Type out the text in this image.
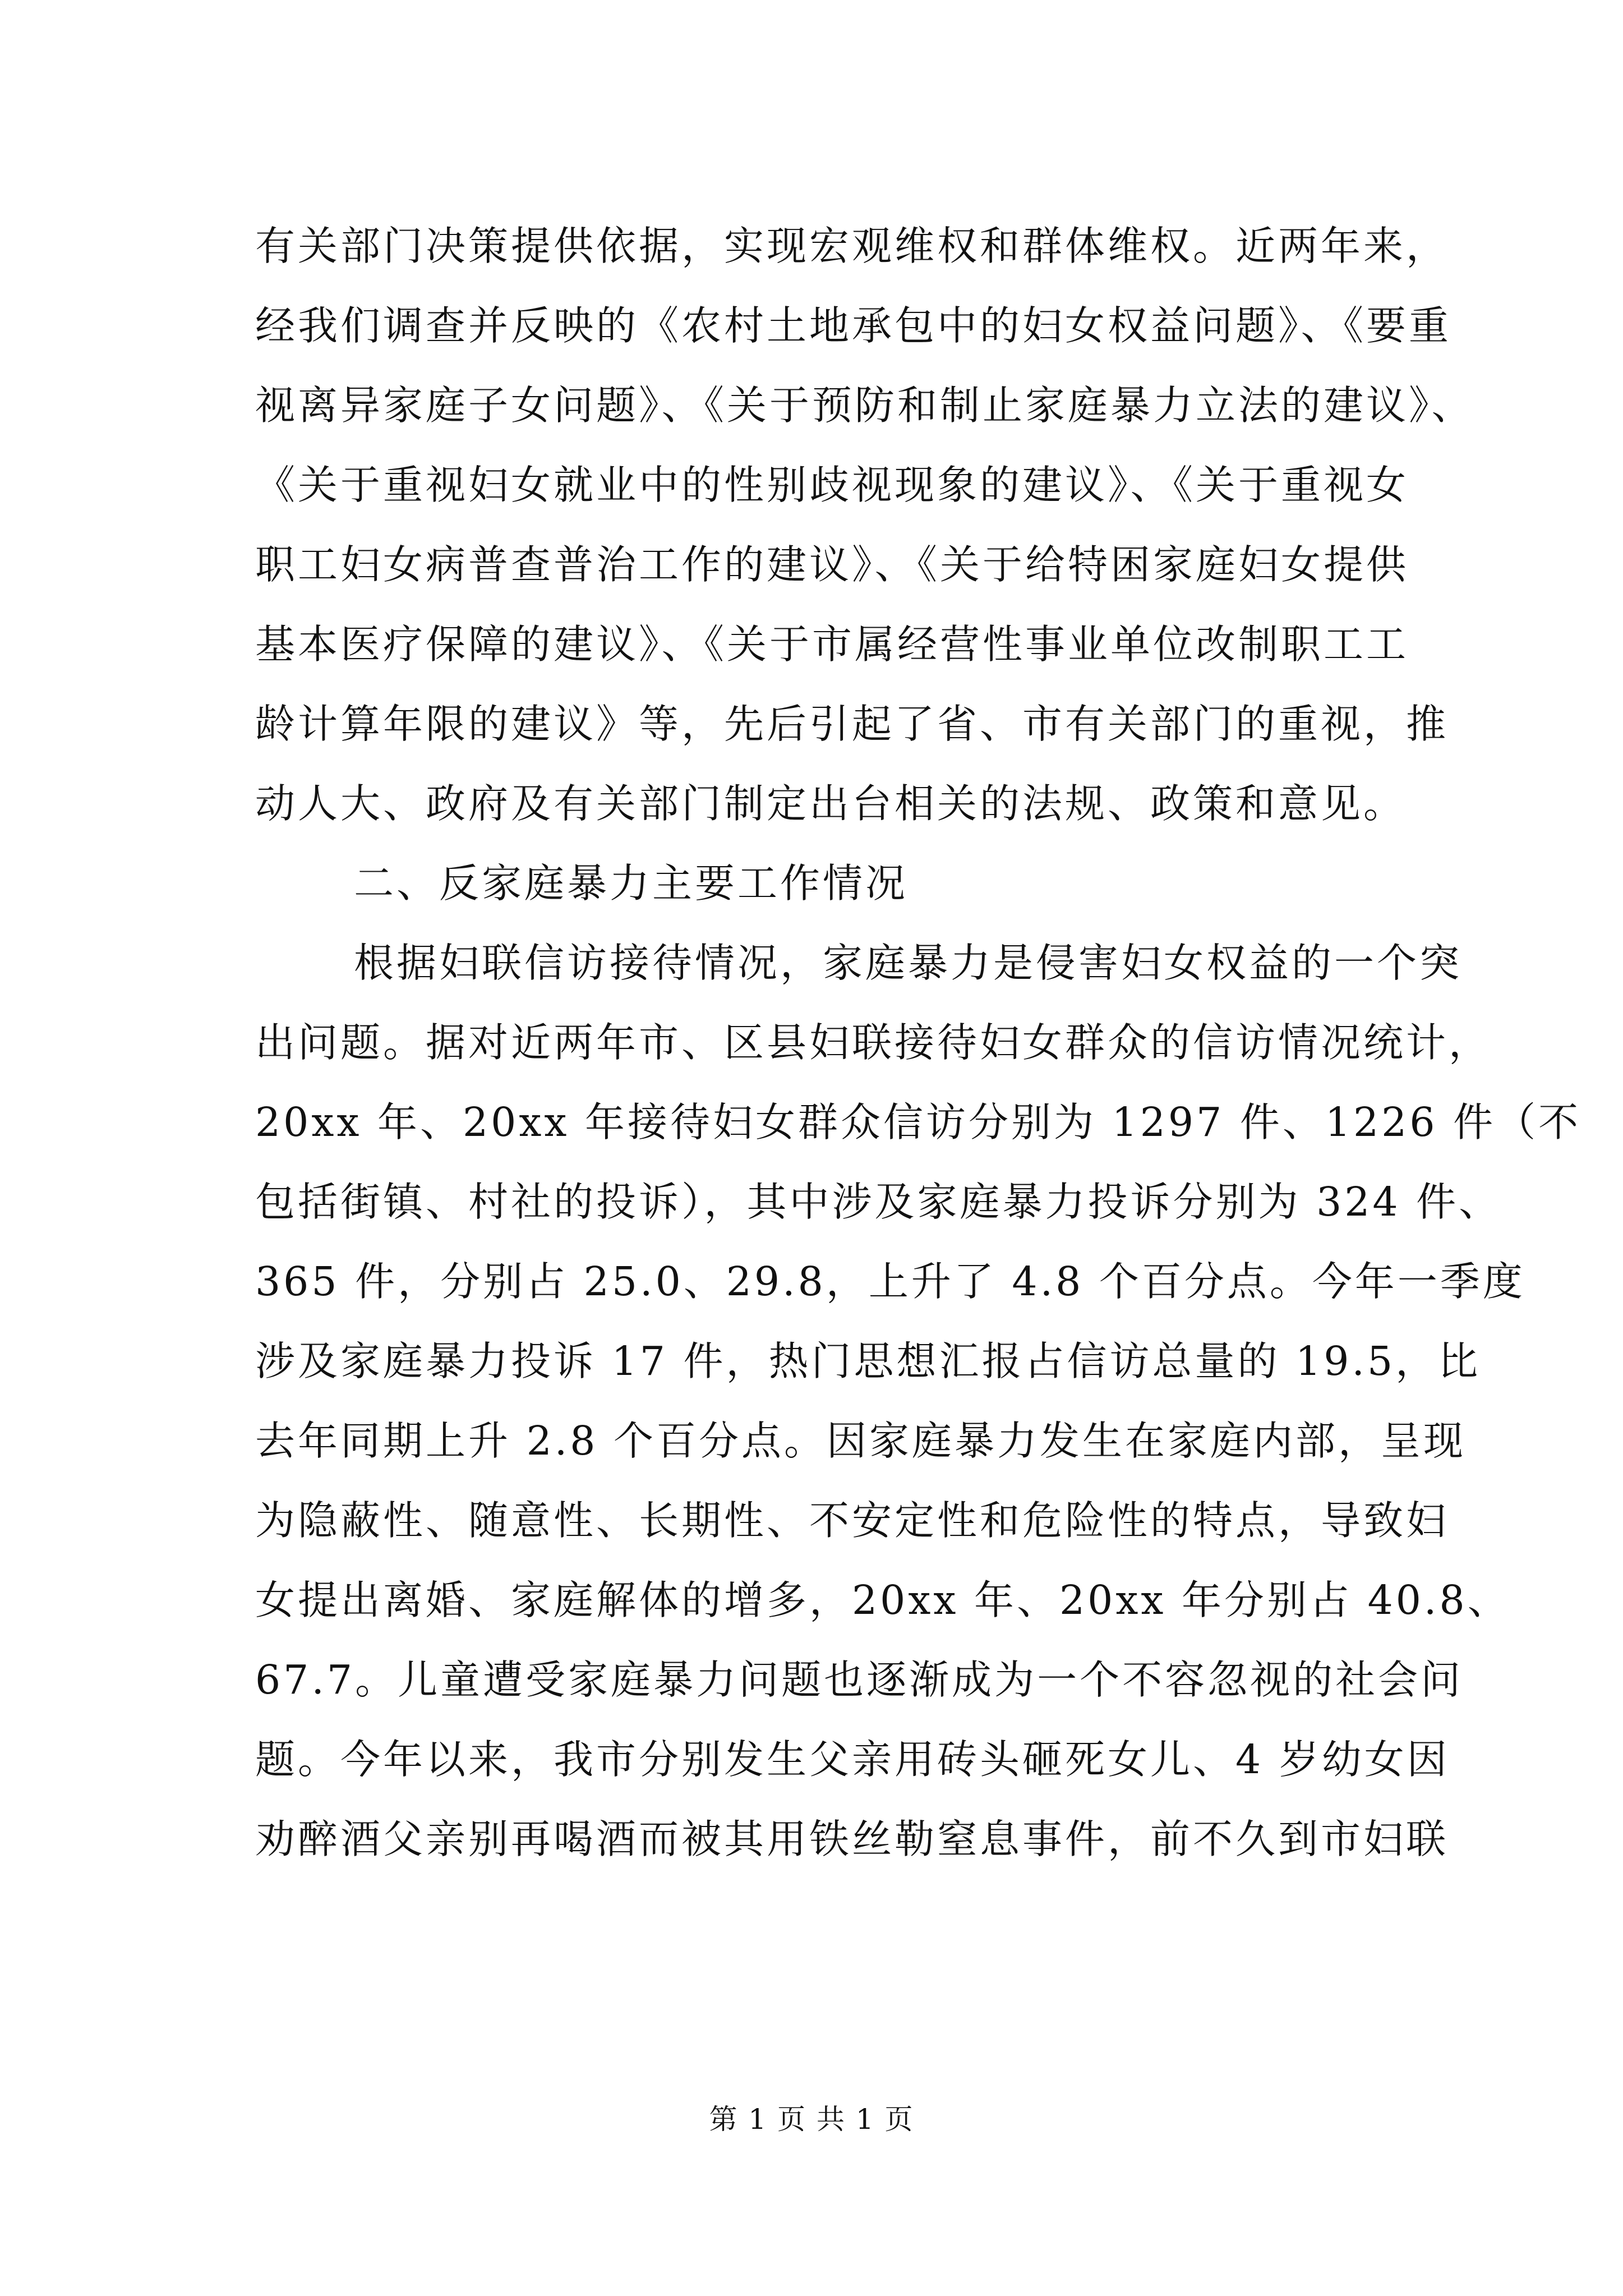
有关部门决策提供依据，实现宏观维权和群体维权。近两年来，
经我们调查并反映的《农村土地承包中的妇女权益问题》、《要重
视离异家庭子女问题》、《关于预防和制止家庭暴力立法的建议》、
《关于重视妇女就业中的性别歧视现象的建议》、《关于重视女
职工妇女病普查普治工作的建议》、《关于给特困家庭妇女提供
基本医疗保障的建议》、《关于市属经营性事业单位改制职工工
龄计算年限的建议》等，先后引起了省、市有关部门的重视，推
动人大、政府及有关部门制定出台相关的法规、政策和意见。
二、反家庭暴力主要工作情况
根据妇联信访接待情况，家庭暴力是侵害妇女权益的一个突
出问题。据对近两年市、区县妇联接待妇女群众的信访情况统计，
20xx 年、20xx 年接待妇女群众信访分别为 1297 件、1226 件（不
包括街镇、村社的投诉），其中涉及家庭暴力投诉分别为 324 件、
365 件，分别占 25.0、29.8，上升了 4.8 个百分点。今年一季度
涉及家庭暴力投诉 17 件，热门思想汇报占信访总量的 19.5，比
去年同期上升 2.8 个百分点。因家庭暴力发生在家庭内部，呈现
为隐蔽性、随意性、长期性、不安定性和危险性的特点，导致妇
女提出离婚、家庭解体的增多，20xx 年、20xx 年分别占 40.8、
67.7。儿童遭受家庭暴力问题也逐渐成为一个不容忽视的社会问
题。今年以来，我市分别发生父亲用砖头砸死女儿、4 岁幼女因
劝醉酒父亲别再喝酒而被其用铁丝勒窒息事件，前不久到市妇联
第 1 页 共 1 页
